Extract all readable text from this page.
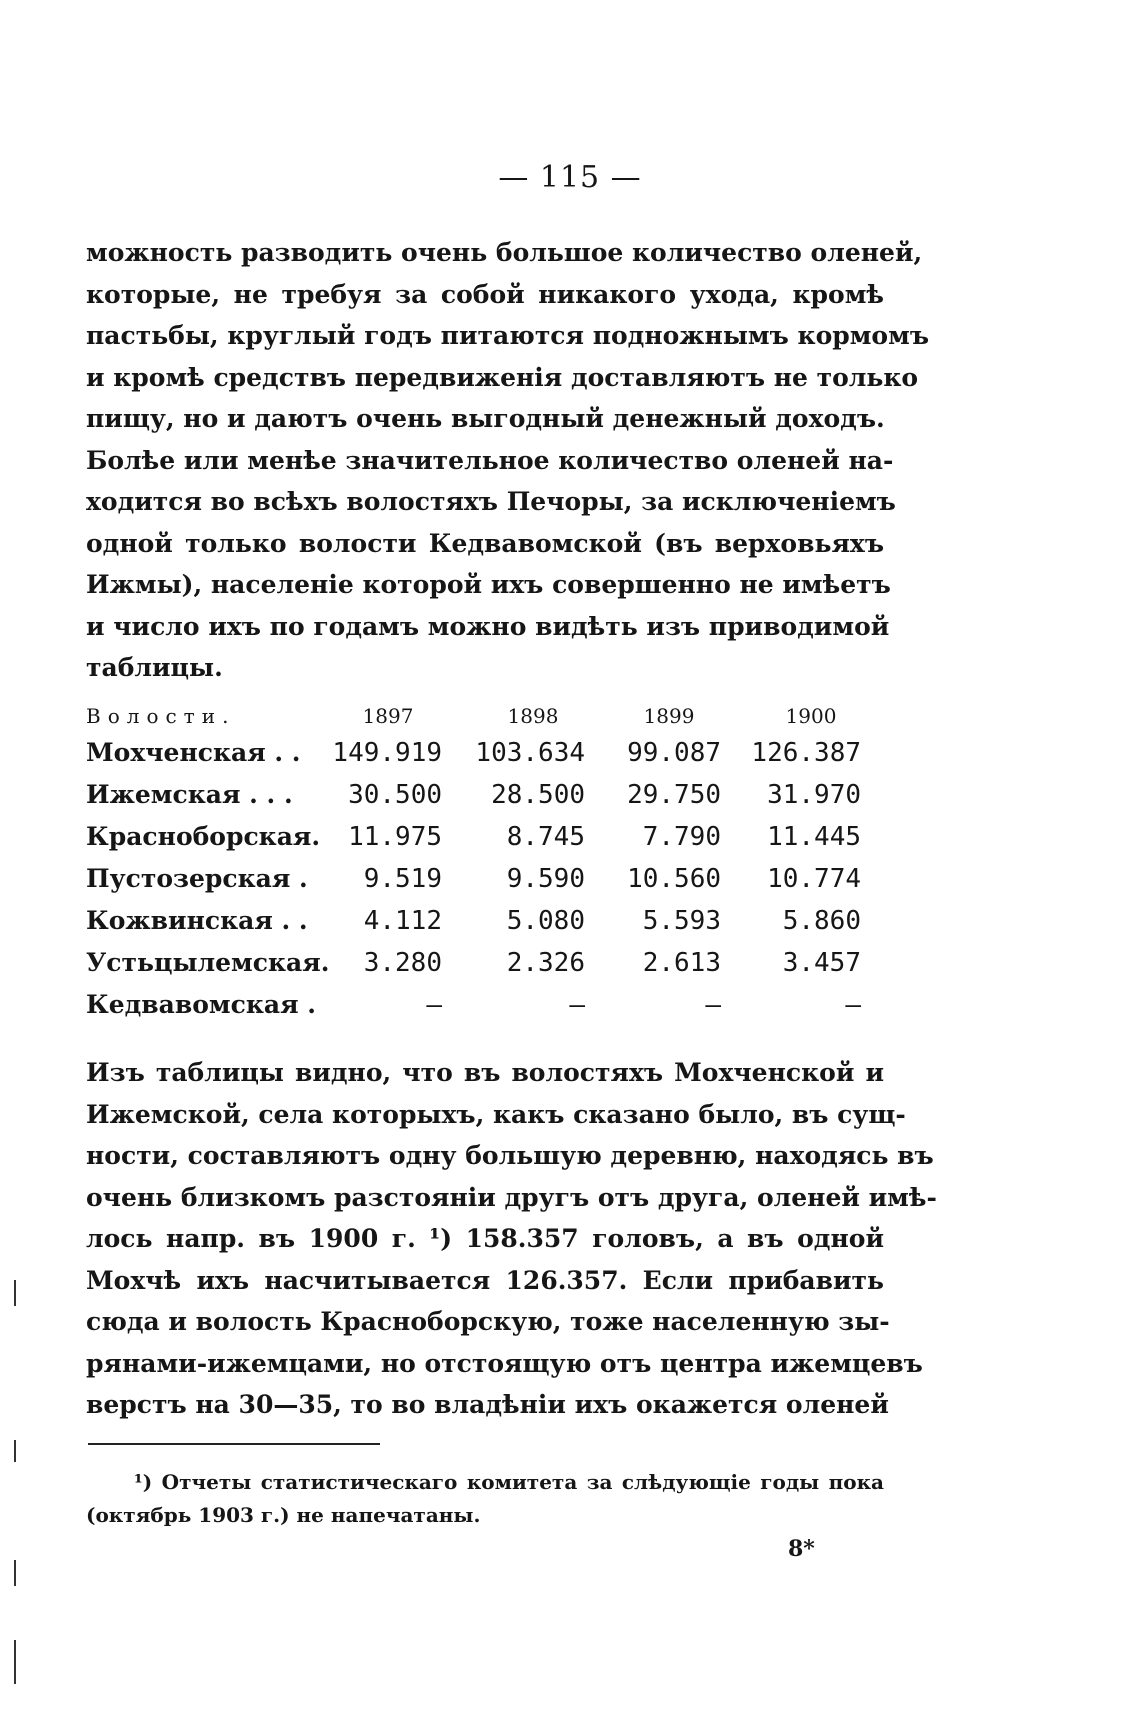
— 115 —
можность разводить очень большое количество оленей,
которые, не требуя за собой никакого ухода, кромѣ
пастьбы, круглый годъ питаются подножнымъ кормомъ
и кромѣ средствъ передвиженія доставляютъ не только
пищу, но и даютъ очень выгодный денежный доходъ.
Болѣе или менѣе значительное количество оленей на-
ходится во всѣхъ волостяхъ Печоры, за исключеніемъ
одной только волости Кедвавомской (въ верховьяхъ
Ижмы), населеніе которой ихъ совершенно не имѣетъ
и число ихъ по годамъ можно видѣть изъ приводимой
таблицы.
Волости.	1897	1898	1899	1900
Мохченская . .	149.919	103.634	99.087	126.387
Ижемская . . .	30.500	28.500	29.750	31.970
Красноборская.	11.975	8.745	7.790	11.445
Пустозерская .	9.519	9.590	10.560	10.774
Кожвинская . .	4.112	5.080	5.593	5.860
Устьцылемская.	3.280	2.326	2.613	3.457
Кедвавомская .	—	—	—	—
Изъ таблицы видно, что въ волостяхъ Мохченской и
Ижемской, села которыхъ, какъ сказано было, въ сущ-
ности, составляютъ одну большую деревню, находясь въ
очень близкомъ разстояніи другъ отъ друга, оленей имѣ-
лось напр. въ 1900 г. ¹) 158.357 головъ, а въ одной
Мохчѣ ихъ насчитывается 126.357. Если прибавить
сюда и волость Красноборскую, тоже населенную зы-
рянами-ижемцами, но отстоящую отъ центра ижемцевъ
верстъ на 30—35, то во владѣніи ихъ окажется оленей
¹) Отчеты статистическаго комитета за слѣдующіе годы пока
(октябрь 1903 г.) не напечатаны.
8*
